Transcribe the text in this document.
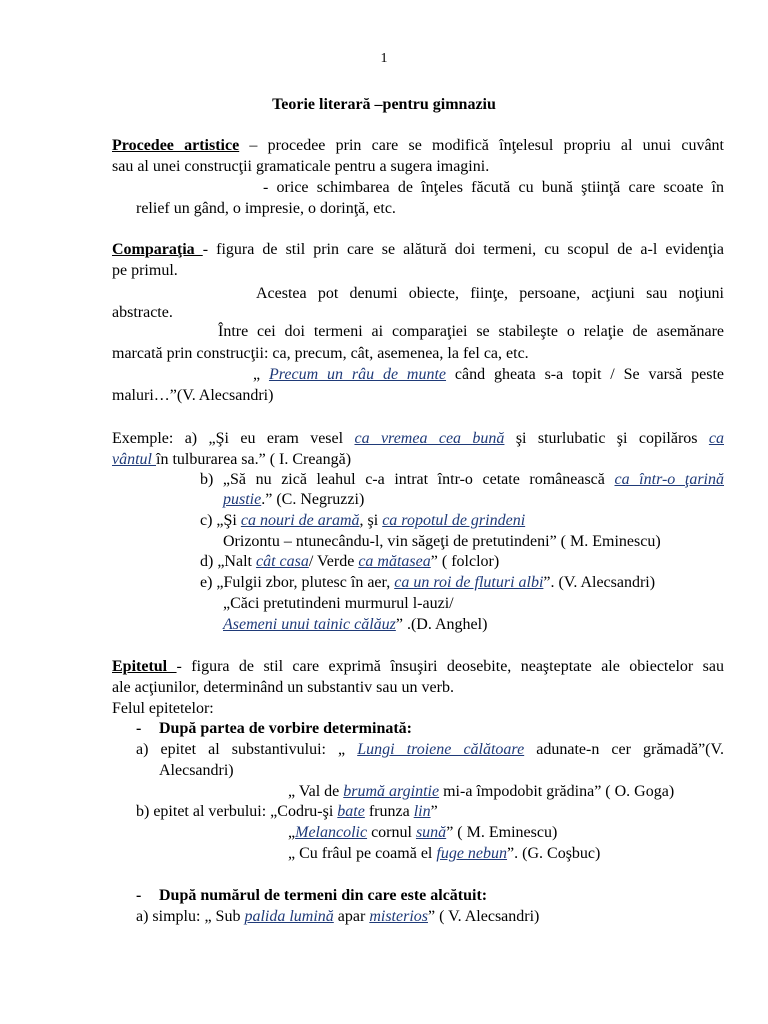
1
Teorie literară –pentru gimnaziu
Procedee artistice – procedee prin care se modifică înţelesul propriu al unui cuvânt
sau al unei construcţii gramaticale pentru a sugera imagini.
- orice schimbarea de înţeles făcută cu bună ştiinţă care scoate în
relief un gând, o impresie, o dorinţă, etc.
Comparaţia - figura de stil prin care se alătură doi termeni, cu scopul de a-l evidenţia
pe primul.
Acestea pot denumi obiecte, fiinţe, persoane, acţiuni sau noţiuni
abstracte.
Între cei doi termeni ai comparaţiei se stabileşte o relaţie de asemănare
marcată prin construcţii: ca, precum, cât, asemenea, la fel ca, etc.
„ Precum un râu de munte când gheata s-a topit / Se varsă peste
maluri…”(V. Alecsandri)
Exemple: a) „Şi eu eram vesel ca vremea cea bună şi sturlubatic şi copilăros ca
vântul în tulburarea sa.” ( I. Creangă)
b) „Să nu zică leahul c-a intrat într-o cetate românească ca într-o ţarină
pustie.” (C. Negruzzi)
c) „Şi ca nouri de aramă, şi ca ropotul de grindeni
Orizontu – ntunecându-l, vin săgeţi de pretutindeni” ( M. Eminescu)
d) „Nalt cât casa/ Verde ca mătasea” ( folclor)
e) „Fulgii zbor, plutesc în aer, ca un roi de fluturi albi”. (V. Alecsandri)
„Căci pretutindeni murmurul l-auzi/
Asemeni unui tainic călăuz” .(D. Anghel)
Epitetul - figura de stil care exprimă însuşiri deosebite, neaşteptate ale obiectelor sau
ale acţiunilor, determinând un substantiv sau un verb.
Felul epitetelor:
- După partea de vorbire determinată:
a) epitet al substantivului: „ Lungi troiene călătoare adunate-n cer grămadă”(V.
Alecsandri)
„ Val de brumă argintie mi-a împodobit grădina” ( O. Goga)
b) epitet al verbului: „Codru-şi bate frunza lin”
„Melancolic cornul sună” ( M. Eminescu)
„ Cu frâul pe coamă el fuge nebun”. (G. Coşbuc)
- După numărul de termeni din care este alcătuit:
a) simplu: „ Sub palida lumină apar misterios” ( V. Alecsandri)
